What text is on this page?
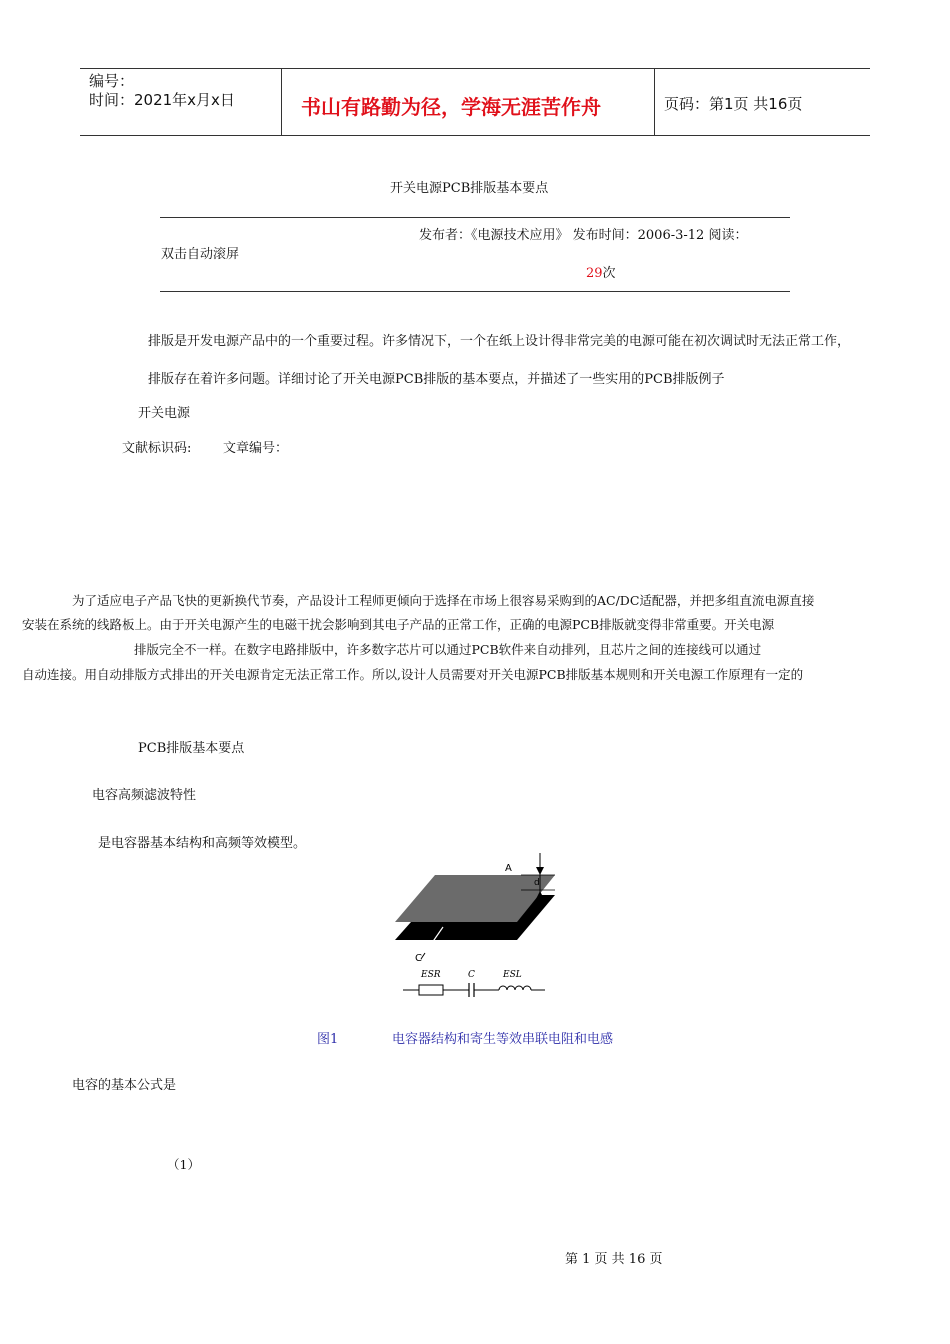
编号：
时间：2021年x月x日	书山有路勤为径，学海无涯苦作舟	页码：第1页 共16页
开关电源PCB排版基本要点
发布者：《电源技术应用》 发布时间：2006-3-12 阅读：
双击自动滚屏
29次
排版是开发电源产品中的一个重要过程。许多情况下，一个在纸上设计得非常完美的电源可能在初次调试时无法正常工作，
排版存在着许多问题。详细讨论了开关电源PCB排版的基本要点，并描述了一些实用的PCB排版例子
开关电源
文献标识码: 文章编号：
为了适应电子产品飞快的更新换代节奏，产品设计工程师更倾向于选择在市场上很容易采购到的AC/DC适配器，并把多组直流电源直接
安装在系统的线路板上。由于开关电源产生的电磁干扰会影响到其电子产品的正常工作，正确的电源PCB排版就变得非常重要。开关电源
排版完全不一样。在数字电路排版中，许多数字芯片可以通过PCB软件来自动排列，且芯片之间的连接线可以通过
自动连接。用自动排版方式排出的开关电源肯定无法正常工作。所以,设计人员需要对开关电源PCB排版基本规则和开关电源工作原理有一定的
PCB排版基本要点
电容高频滤波特性
是电容器基本结构和高频等效模型。
A
d
C
ESR	C	ESL
图1	电容器结构和寄生等效串联电阻和电感
电容的基本公式是
（1）
第 1 页 共 16 页
